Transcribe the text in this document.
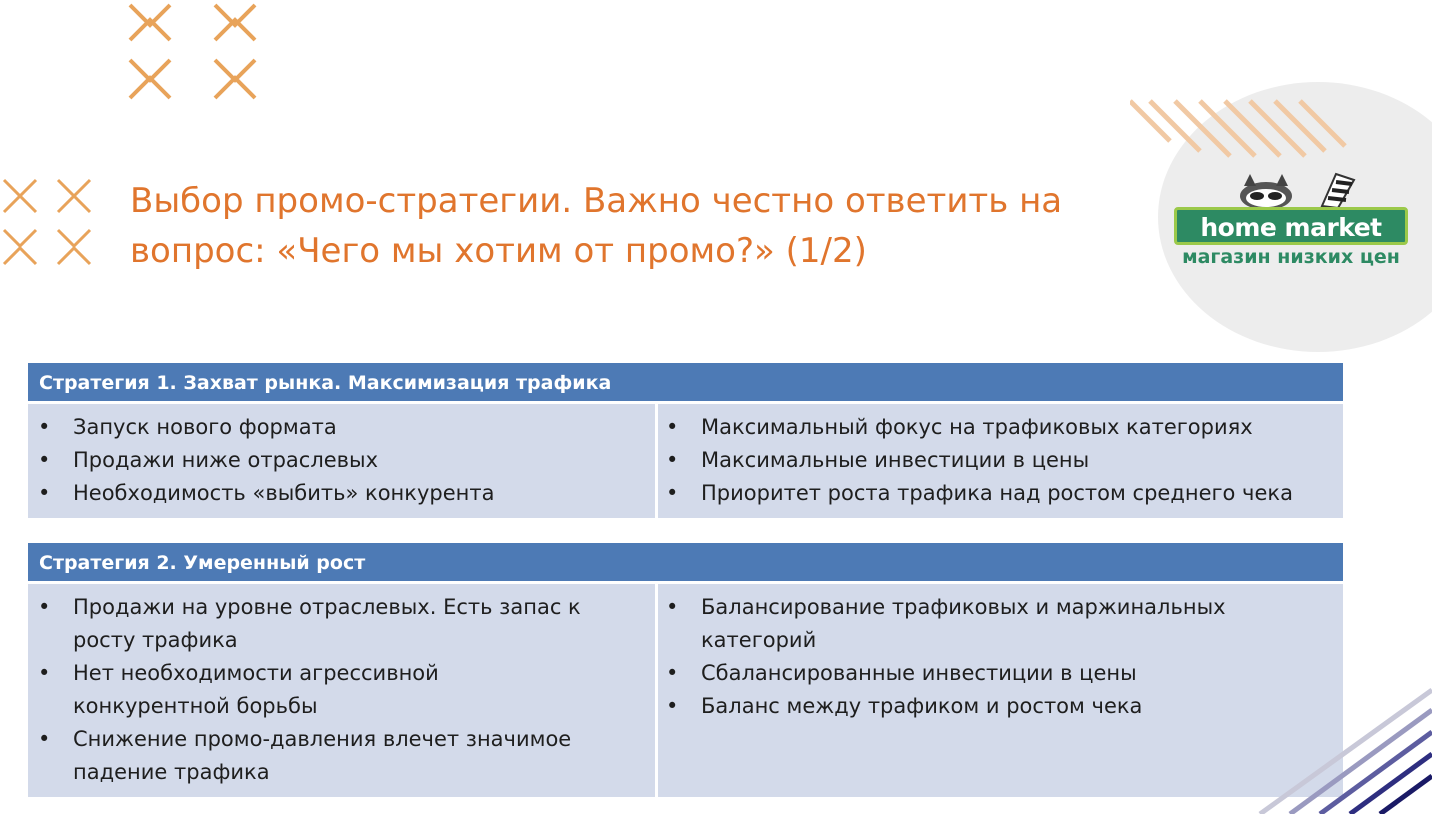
Выбор промо-стратегии. Важно честно ответить на
вопрос: «Чего мы хотим от промо?» (1/2)
home market
магазин низких цен
Стратегия 1. Захват рынка. Максимизация трафика
• Запуск нового формата
• Продажи ниже отраслевых
• Необходимость «выбить» конкурента
• Максимальный фокус на трафиковых категориях
• Максимальные инвестиции в цены
• Приоритет роста трафика над ростом среднего чека
Стратегия 2. Умеренный рост
• Продажи на уровне отраслевых. Есть запас к росту трафика
• Нет необходимости агрессивной конкурентной борьбы
• Снижение промо-давления влечет значимое падение трафика
• Балансирование трафиковых и маржинальных категорий
• Сбалансированные инвестиции в цены
• Баланс между трафиком и ростом чека
